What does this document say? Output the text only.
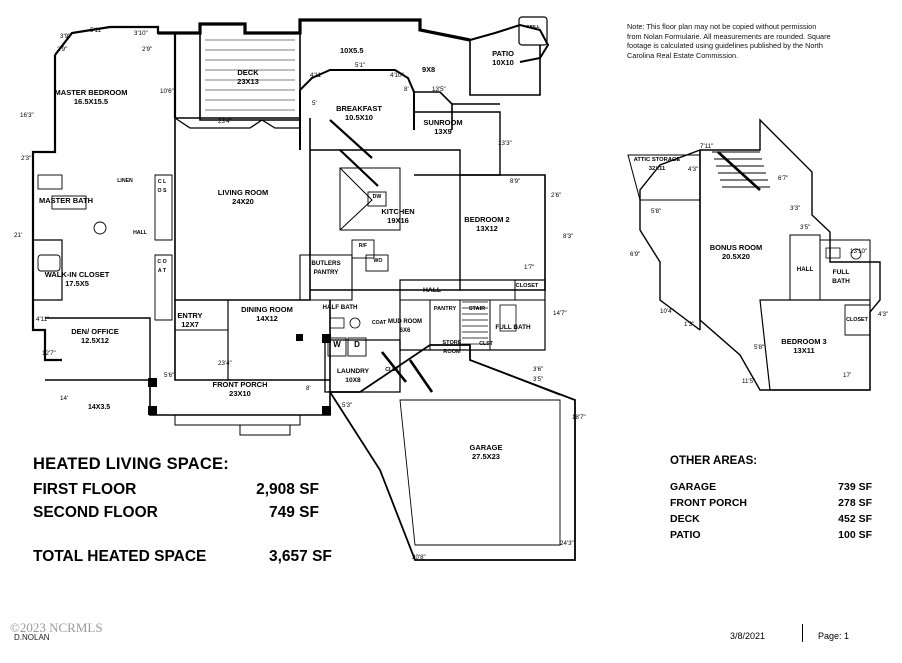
Note: This floor plan may not be copied without permission from Nolan Formularie. All measurements are rounded. Square footage is calculated using guidelines published by the North Carolina Real Estate Commission.
MASTER BEDROOM
16.5X15.5
MASTER BATH
WALK-IN CLOSET
17.5X5
DEN/ OFFICE
12.5X12
ENTRY
12X7
LIVING ROOM
24X20
DINING ROOM
14X12
DECK
23X13
BREAKFAST
10.5X10
SUNROOM
13X9
PATIO
10X10
KITCHEN
19X16	BEDROOM 2
13X12
BUTLERS PANTRY
HALF BATH
HALL
PANTRY	STAIR
CLOSET
FULL BATH
MUD ROOM
6X6
STORE ROOM
LAUNDRY
10X8
FRONT PORCH
23X10
GARAGE
27.5X23
LINEN
HALL
C L O S
C O A T
W	D
R/F
WO
DW
COAT
CLST
CLST
GRILL
3'9"
5'11"	3'10"
2'9"	2'9"
16'3"
2'3"
21'
4'11"
12'7"
14'
14X3.5
5'6"
23'4"
23'4"
10'6"
8'
10X5.5
5'1"
4'11"	4'10"
9X8
8'	13'5"
5'
13'3"
8'9"
2'6"
8'3"
1'7"
14'7"
3'6"
3'5"
5'3"
18'7"
20'8"
24'3"
ATTIC STORAGE
32X11
BONUS ROOM
20.5X20
HALL	FULL BATH
BEDROOM 3
13X11
CLOSET
7'11"
6'7"
4'3"
3'3"
5'8"
3'5"
6'9"	13'10"
10'4"
1'3"
5'8"
4'3"
11'5"
17'
HEATED LIVING SPACE:
FIRST FLOOR	2,908 SF
SECOND FLOOR	749 SF
TOTAL HEATED SPACE	3,657 SF
OTHER AREAS:
GARAGE	739 SF
FRONT PORCH	278 SF
DECK	452 SF
PATIO	100 SF
©2023 NCRMLS
D.NOLAN	3/8/2021	Page: 1
